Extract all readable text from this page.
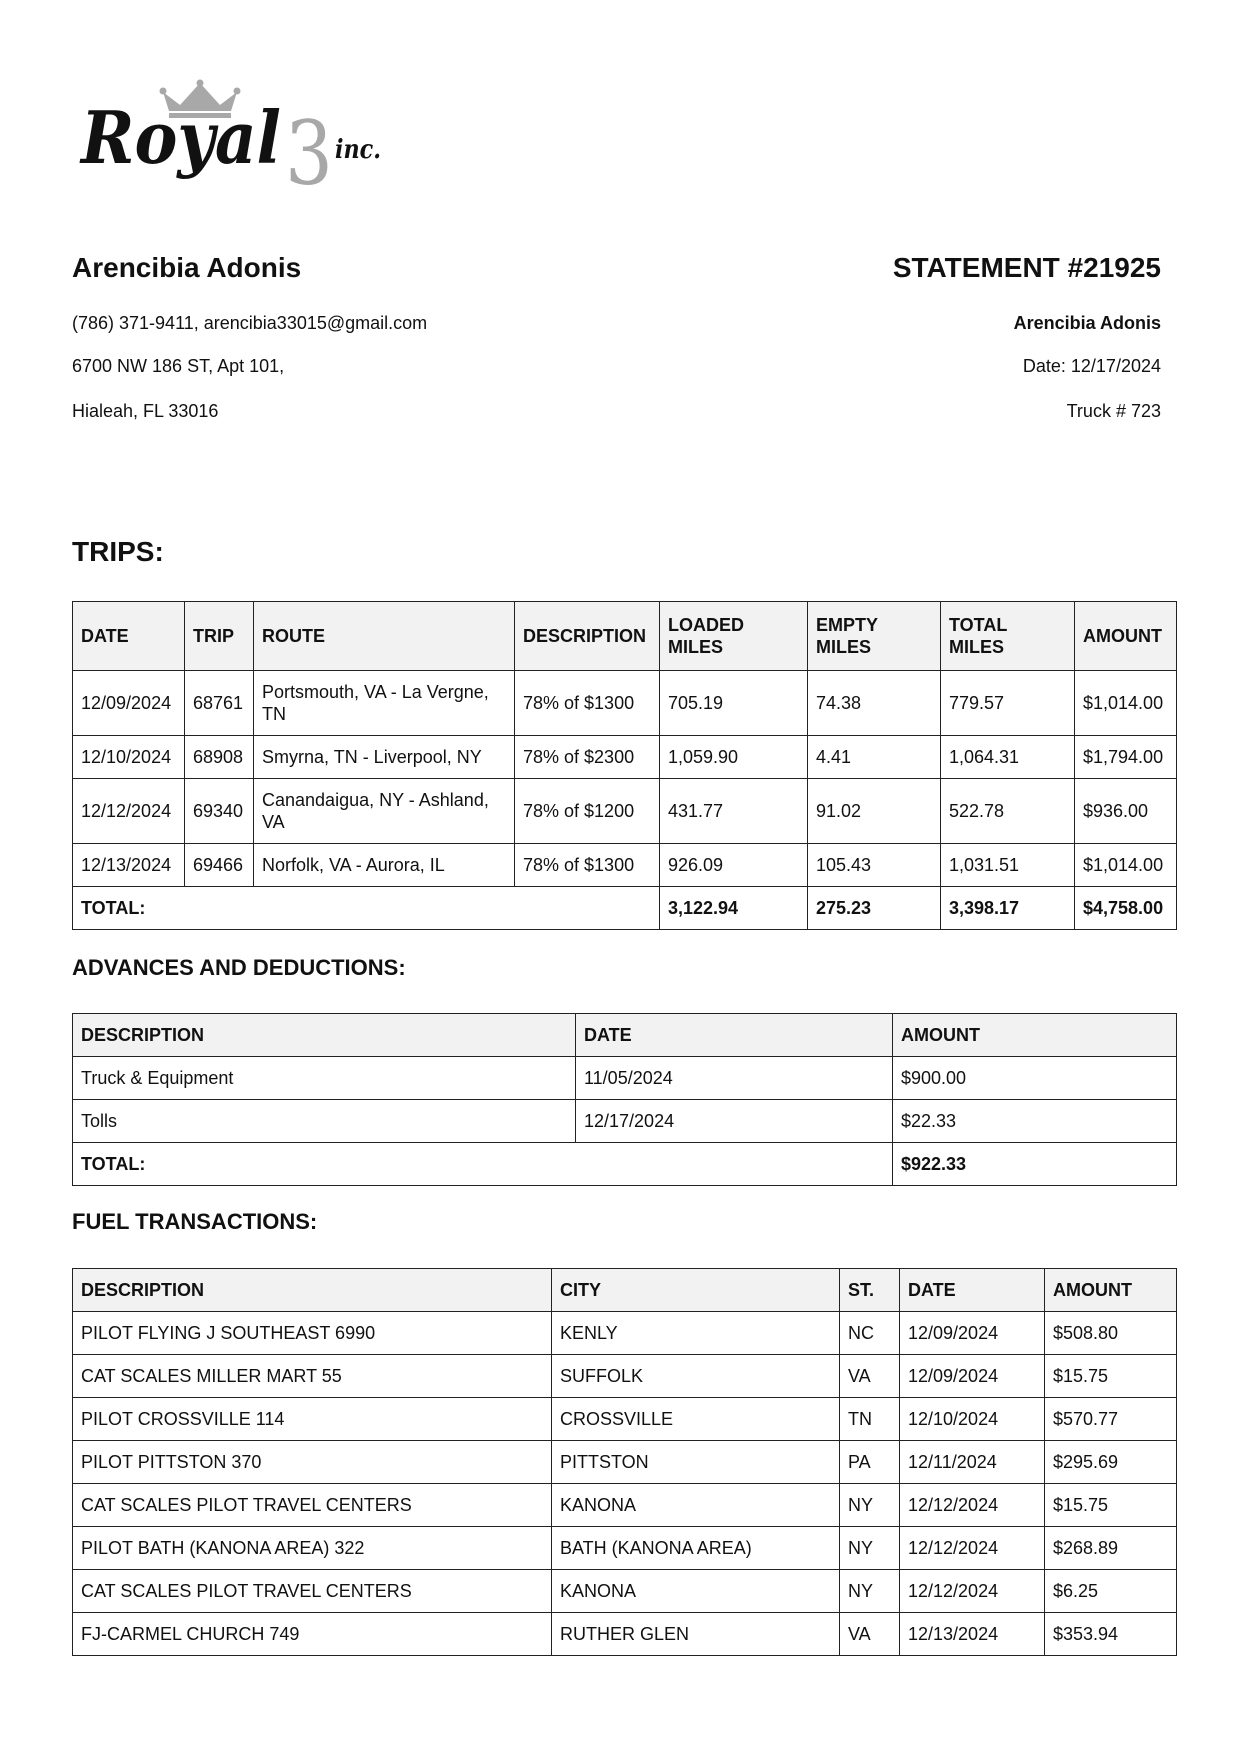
3
Royal inc.
Arencibia Adonis
(786) 371-9411, arencibia33015@gmail.com
6700 NW 186 ST, Apt 101,
Hialeah, FL 33016
STATEMENT #21925
Arencibia Adonis
Date: 12/17/2024
Truck # 723
TRIPS:
DATE	TRIP	ROUTE	DESCRIPTION	LOADED MILES	EMPTY MILES	TOTAL MILES	AMOUNT
12/09/2024	68761	Portsmouth, VA - La Vergne, TN	78% of $1300	705.19	74.38	779.57	$1,014.00
12/10/2024	68908	Smyrna, TN - Liverpool, NY	78% of $2300	1,059.90	4.41	1,064.31	$1,794.00
12/12/2024	69340	Canandaigua, NY - Ashland, VA	78% of $1200	431.77	91.02	522.78	$936.00
12/13/2024	69466	Norfolk, VA - Aurora, IL	78% of $1300	926.09	105.43	1,031.51	$1,014.00
TOTAL:				3,122.94	275.23	3,398.17	$4,758.00
ADVANCES AND DEDUCTIONS:
DESCRIPTION	DATE	AMOUNT
Truck & Equipment	11/05/2024	$900.00
Tolls	12/17/2024	$22.33
TOTAL:		$922.33
FUEL TRANSACTIONS:
DESCRIPTION	CITY	ST.	DATE	AMOUNT
PILOT FLYING J SOUTHEAST 6990	KENLY	NC	12/09/2024	$508.80
CAT SCALES MILLER MART 55	SUFFOLK	VA	12/09/2024	$15.75
PILOT CROSSVILLE 114	CROSSVILLE	TN	12/10/2024	$570.77
PILOT PITTSTON 370	PITTSTON	PA	12/11/2024	$295.69
CAT SCALES PILOT TRAVEL CENTERS	KANONA	NY	12/12/2024	$15.75
PILOT BATH (KANONA AREA) 322	BATH (KANONA AREA)	NY	12/12/2024	$268.89
CAT SCALES PILOT TRAVEL CENTERS	KANONA	NY	12/12/2024	$6.25
FJ-CARMEL CHURCH 749	RUTHER GLEN	VA	12/13/2024	$353.94
